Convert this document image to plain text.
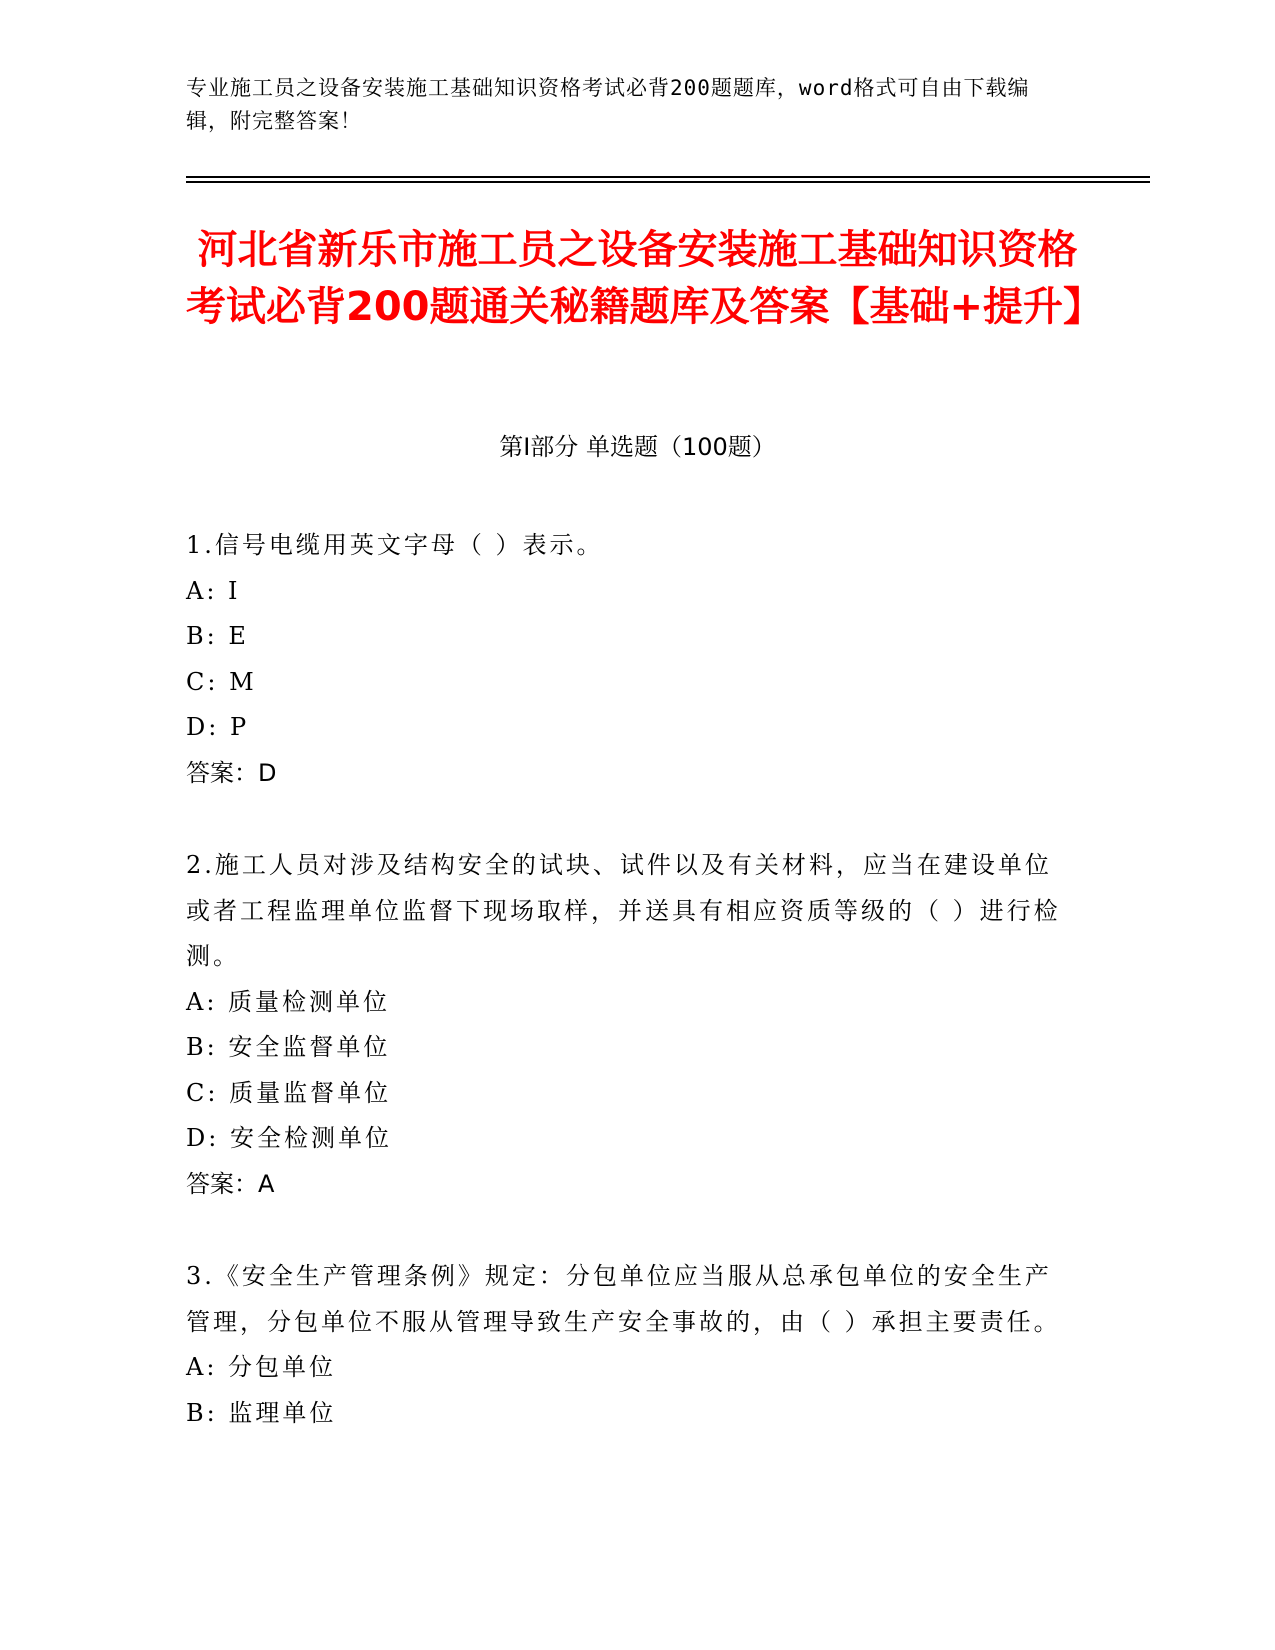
专业施工员之设备安装施工基础知识资格考试必背200题题库，word格式可自由下载编辑，附完整答案！
河北省新乐市施工员之设备安装施工基础知识资格考试必背200题通关秘籍题库及答案【基础+提升】
第Ⅰ部分 单选题（100题）
1.信号电缆用英文字母（ ）表示。
A: I
B: E
C: M
D: P
答案：D
2.施工人员对涉及结构安全的试块、试件以及有关材料，应当在建设单位或者工程监理单位监督下现场取样，并送具有相应资质等级的（ ）进行检测。
A: 质量检测单位
B: 安全监督单位
C: 质量监督单位
D: 安全检测单位
答案：A
3.《安全生产管理条例》规定：分包单位应当服从总承包单位的安全生产管理，分包单位不服从管理导致生产安全事故的，由（ ）承担主要责任。
A: 分包单位
B: 监理单位
